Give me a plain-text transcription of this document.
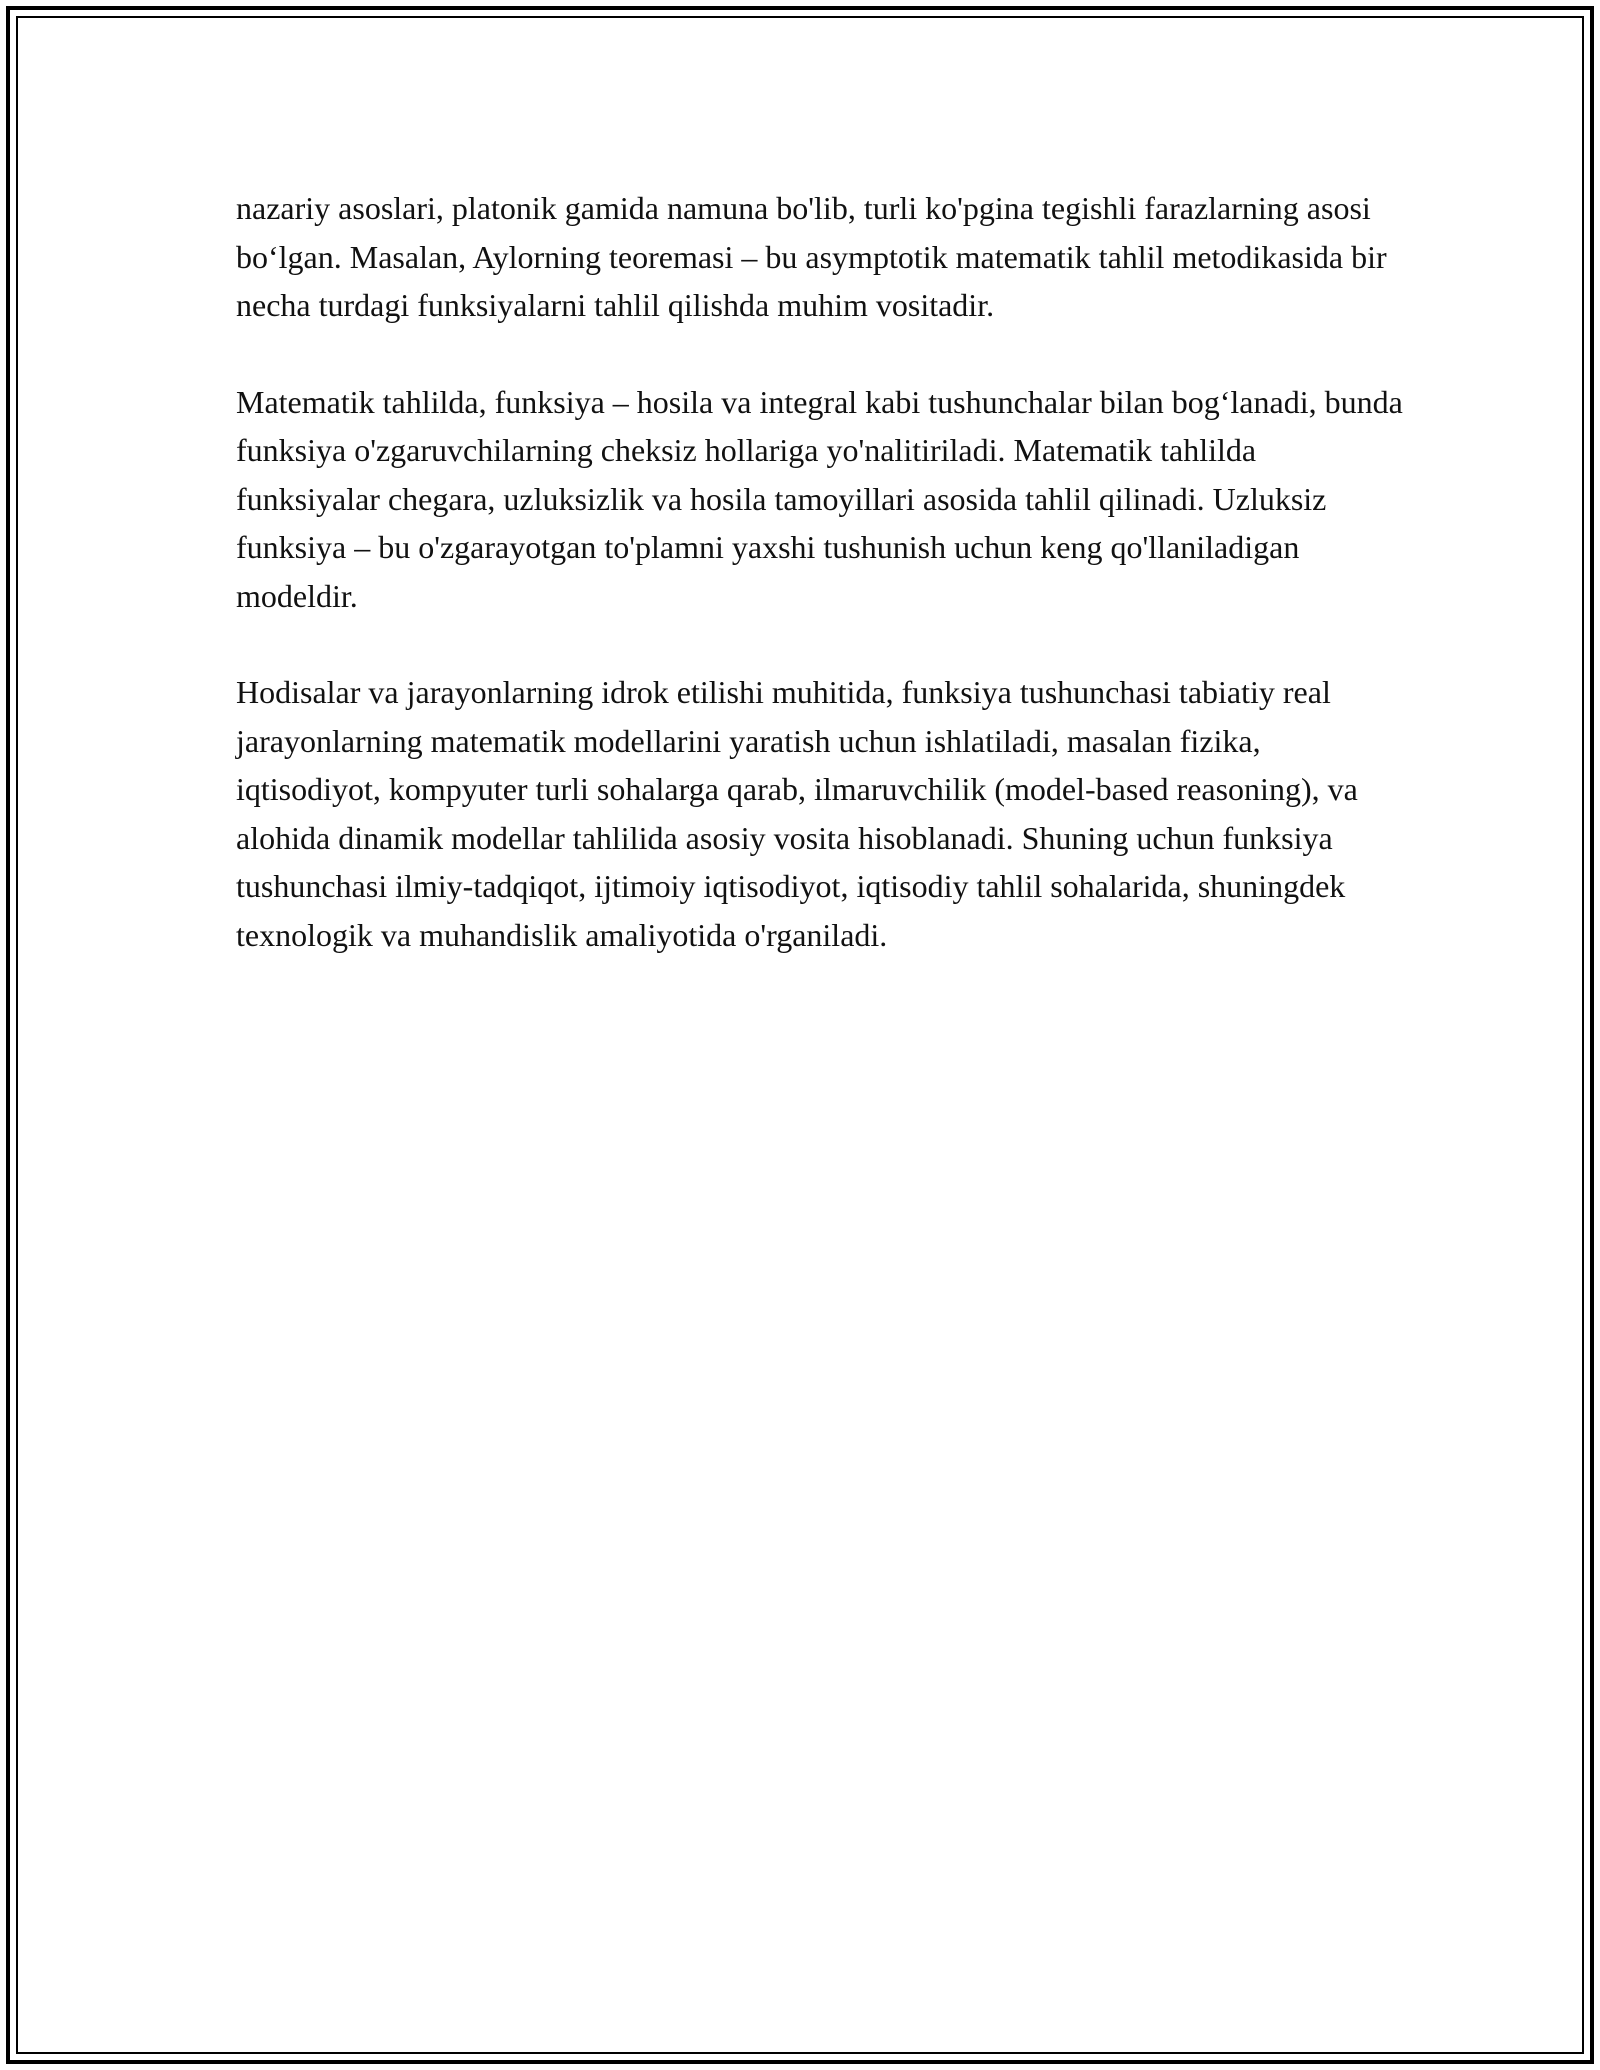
nazariy asoslari, platonik gamida namuna bo'lib, turli ko'pgina tegishli farazlarning asosi bo‘lgan. Masalan, Aylorning teoremasi – bu asymptotik matematik tahlil metodikasida bir necha turdagi funksiyalarni tahlil qilishda muhim vositadir.

Matematik tahlilda, funksiya – hosila va integral kabi tushunchalar bilan bog‘lanadi, bunda funksiya o'zgaruvchilarning cheksiz hollariga yo'nalitiriladi. Matematik tahlilda funksiyalar chegara, uzluksizlik va hosila tamoyillari asosida tahlil qilinadi. Uzluksiz funksiya – bu o'zgarayotgan to'plamni yaxshi tushunish uchun keng qo'llaniladigan modeldir.

Hodisalar va jarayonlarning idrok etilishi muhitida, funksiya tushunchasi tabiatiy real jarayonlarning matematik modellarini yaratish uchun ishlatiladi, masalan fizika, iqtisodiyot, kompyuter turli sohalarga qarab, ilmaruvchilik (model-based reasoning), va alohida dinamik modellar tahlilida asosiy vosita hisoblanadi. Shuning uchun funksiya tushunchasi ilmiy-tadqiqot, ijtimoiy iqtisodiyot, iqtisodiy tahlil sohalarida, shuningdek texnologik va muhandislik amaliyotida o'rganiladi.
